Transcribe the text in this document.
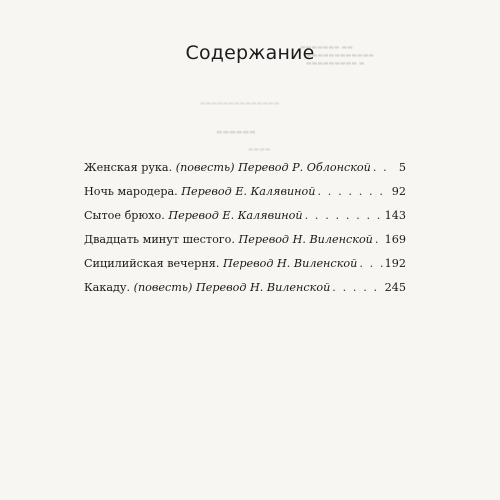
▬▬▬▬▬▬▬ ▬▬
▬▬▬▬▬▬▬▬▬▬▬▬
▬▬▬▬▬▬▬▬▬ ▬
▬▬▬▬▬▬▬▬▬▬▬▬▬▬
▬▬▬▬▬▬
▬▬▬▬
Содержание
Женская рука. (повесть) Перевод Р. Облонской . . .	5
Ночь мародера. Перевод Е. Калявиной . . .	92
Сытое брюхо. Перевод Е. Калявиной . . .	143
Двадцать минут шестого. Перевод Н. Виленской . . . 169
Сицилийская вечерня. Перевод Н. Виленской . . . 192
Какаду. (повесть) Перевод Н. Виленской . . .	245
